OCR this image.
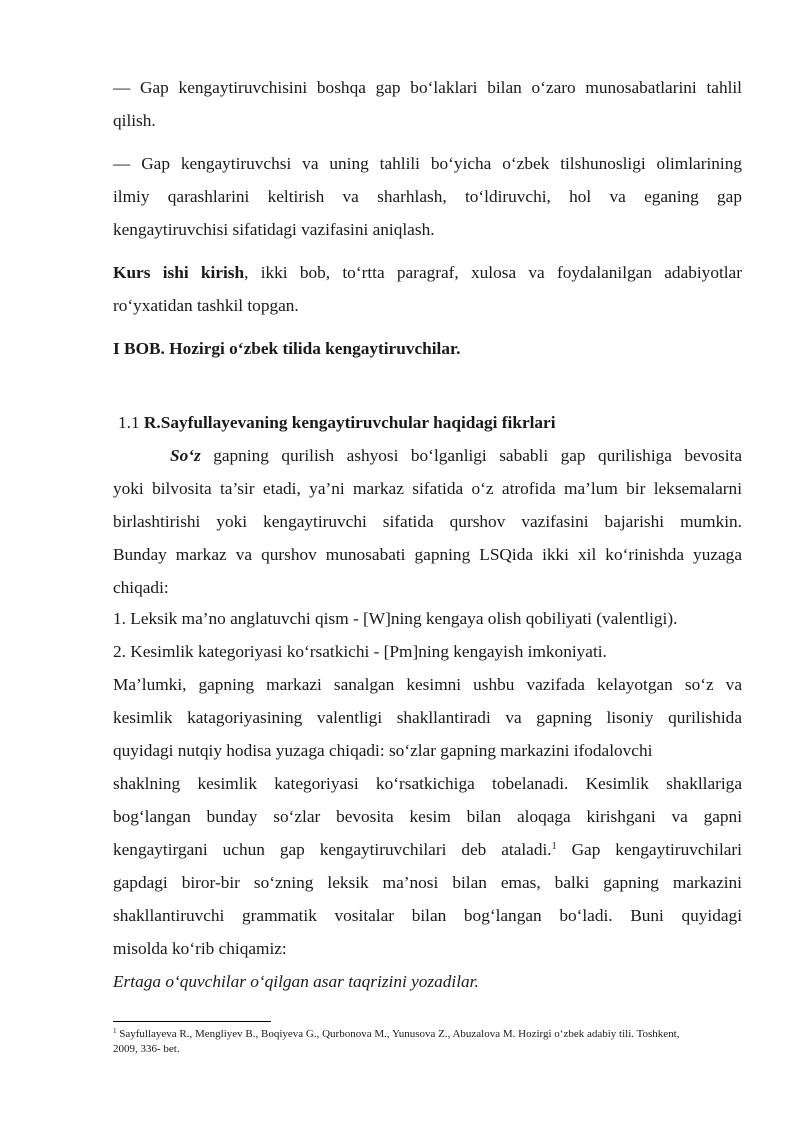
— Gap kengaytiruvchisini boshqa gap bo‘laklari bilan o‘zaro munosabatlarini tahlil
qilish.
— Gap kengaytiruvchsi va uning tahlili bo‘yicha o‘zbek tilshunosligi olimlarining
ilmiy qarashlarini keltirish va sharhlash, to‘ldiruvchi, hol va eganing gap
kengaytiruvchisi sifatidagi vazifasini aniqlash.
Kurs ishi kirish, ikki bob, to‘rtta paragraf, xulosa va foydalanilgan adabiyotlar
ro‘yxatidan tashkil topgan.
I BOB. Hozirgi o‘zbek tilida kengaytiruvchilar.
1.1 R.Sayfullayevaning kengaytiruvchular haqidagi fikrlari
So‘z gapning qurilish ashyosi bo‘lganligi sababli gap qurilishiga bevosita
yoki bilvosita ta’sir etadi, ya’ni markaz sifatida o‘z atrofida ma’lum bir leksemalarni
birlashtirishi yoki kengaytiruvchi sifatida qurshov vazifasini bajarishi mumkin.
Bunday markaz va qurshov munosabati gapning LSQida ikki xil ko‘rinishda yuzaga
chiqadi:
1. Leksik ma’no anglatuvchi qism - [W]ning kengaya olish qobiliyati (valentligi).
2. Kesimlik kategoriyasi ko‘rsatkichi - [Pm]ning kengayish imkoniyati.
Ma’lumki, gapning markazi sanalgan kesimni ushbu vazifada kelayotgan so‘z va
kesimlik katagoriyasining valentligi shakllantiradi va gapning lisoniy qurilishida
quyidagi nutqiy hodisa yuzaga chiqadi: so‘zlar gapning markazini ifodalovchi
shaklning kesimlik kategoriyasi ko‘rsatkichiga tobelanadi. Kesimlik shakllariga
bog‘langan bunday so‘zlar bevosita kesim bilan aloqaga kirishgani va gapni
kengaytirgani uchun gap kengaytiruvchilari deb ataladi.$^1$ Gap kengaytiruvchilari
gapdagi biror-bir so‘zning leksik ma’nosi bilan emas, balki gapning markazini
shakllantiruvchi grammatik vositalar bilan bog‘langan bo‘ladi. Buni quyidagi
misolda ko‘rib chiqamiz:
Ertaga o‘quvchilar o‘qilgan asar taqrizini yozadilar.
$^1$ Sayfullayeva R., Mengliyev B., Boqiyeva G., Qurbonova M., Yunusova Z., Abuzalova M. Hozirgi o‘zbek adabiy tili. Toshkent,
2009, 336- bet.
